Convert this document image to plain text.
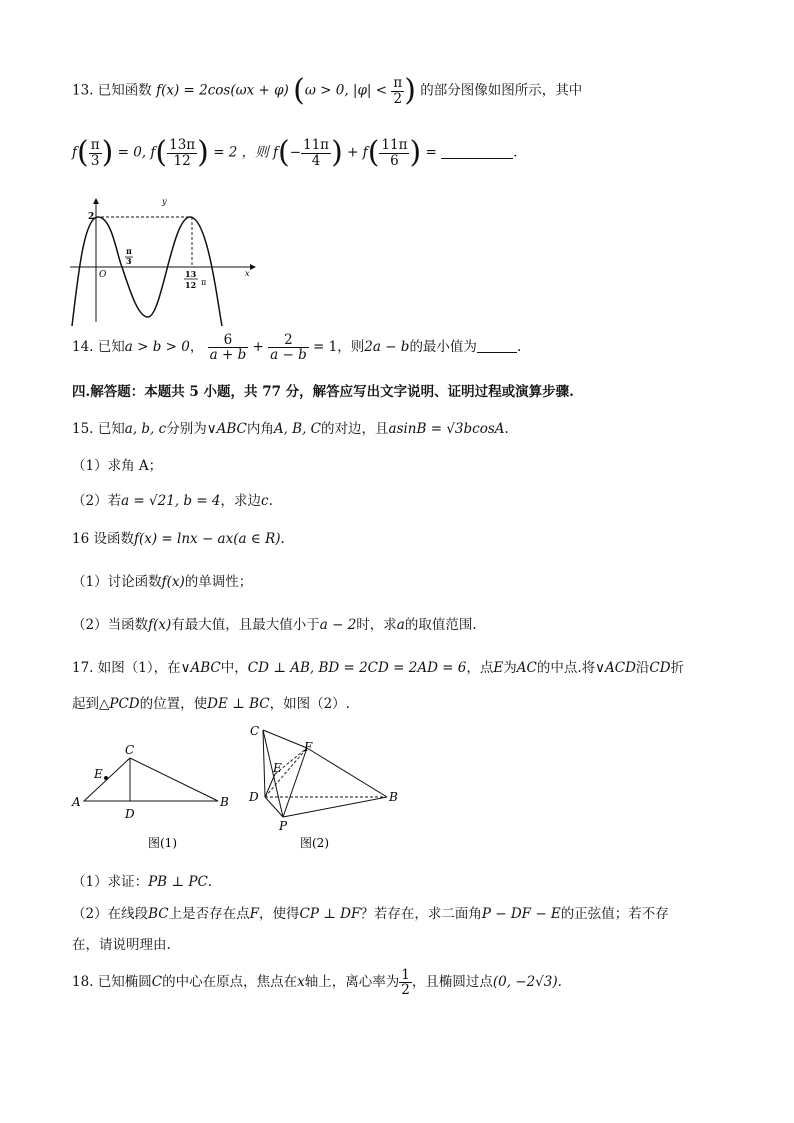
13. 已知函数 f(x) = 2cos(ωx + φ) (ω > 0, $|\varphi| < \frac{\pi}{2}$ ) 的部分图像如图所示，其中
$f( \frac{\pi}{3}$ ) = 0, $f( \frac{13\pi}{12}$ ) = 2 ，则 $f(- \frac{11\pi}{4}$ ) + $f( \frac{11\pi}{6}$ ) =	.
y
x
2
O
π
3
13
12 π
14. 已知a > b > 0， $\frac{6}{a + b} + \frac{2}{a - b} = 1$，则2a − b的最小值为	.
四.解答题：本题共 5 小题，共 77 分，解答应写出文字说明、证明过程或演算步骤.
15. 已知a, b, c分别为∨ABC内角A, B, C的对边，且asinB = √3bcosA.
（1）求角 A；
（2）若a = √21, b = 4，求边c.
16 设函数f(x) = lnx − ax(a ∈ R).
（1）讨论函数f(x)的单调性；
（2）当函数f(x)有最大值，且最大值小于a − 2时，求a的取值范围.
17. 如图（1），在∨ABC中，CD ⊥ AB, BD = 2CD = 2AD = 6，点E为AC的中点.将∨ACD沿CD折
起到△PCD的位置，使DE ⊥ BC，如图（2）.
A	B
C
D
E
图(1)
C
F
E
D
P
B
图(2)
（1）求证：PB ⊥ PC.
（2）在线段BC上是否存在点F，使得CP ⊥ DF？若存在，求二面角P − DF − E的正弦值；若不存
在，请说明理由.
18. 已知椭圆C的中心在原点，焦点在x轴上，离心率为 $\frac{1}{2}$ ，且椭圆过点(0, −2√3).
